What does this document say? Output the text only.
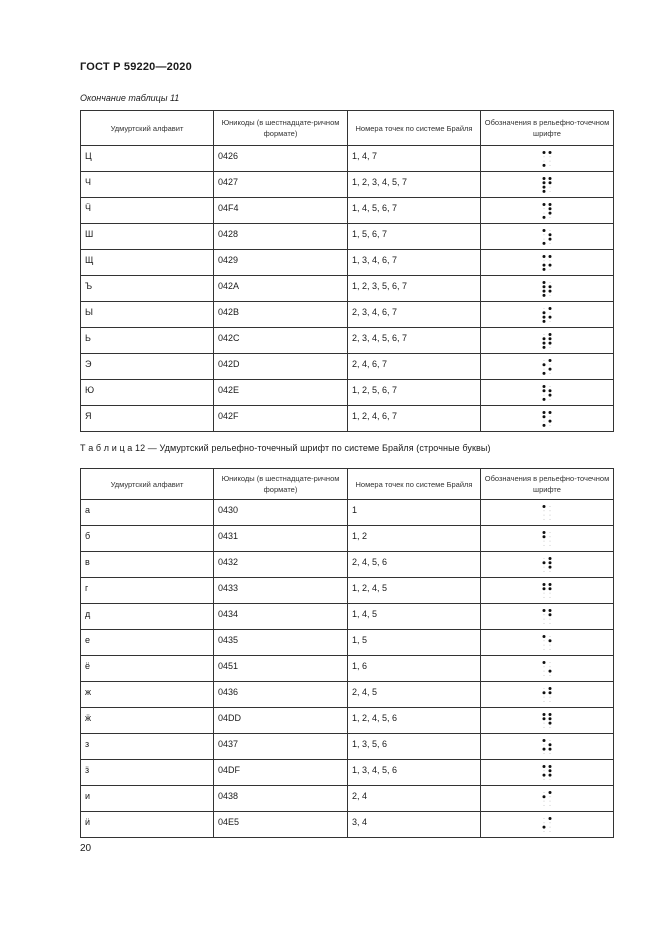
ГОСТ Р 59220—2020
Окончание таблицы 11
Удмуртский алфавит	Юникоды (в шестнадцате-ричном формате)	Номера точек по системе Брайля	Обозначения в рельефно-точечном шрифте
Ц	0426	1, 4, 7	

Ч	0427	1, 2, 3, 4, 5, 7	

Ӵ	04F4	1, 4, 5, 6, 7	

Ш	0428	1, 5, 6, 7	

Щ	0429	1, 3, 4, 6, 7	

Ъ	042A	1, 2, 3, 5, 6, 7	

Ы	042B	2, 3, 4, 6, 7	

Ь	042C	2, 3, 4, 5, 6, 7	

Э	042D	2, 4, 6, 7	

Ю	042E	1, 2, 5, 6, 7	

Я	042F	1, 2, 4, 6, 7	
Т а б л и ц а 12 — Удмуртский рельефно-точечный шрифт по системе Брайля (строчные буквы)
Удмуртский алфавит	Юникоды (в шестнадцате-ричном формате)	Номера точек по системе Брайля	Обозначения в рельефно-точечном шрифте
а	0430	1	

б	0431	1, 2	

в	0432	2, 4, 5, 6	

г	0433	1, 2, 4, 5	

д	0434	1, 4, 5	

е	0435	1, 5	

ё	0451	1, 6	

ж	0436	2, 4, 5	

ӝ	04DD	1, 2, 4, 5, 6	

з	0437	1, 3, 5, 6	

ӟ	04DF	1, 3, 4, 5, 6	

и	0438	2, 4	

ӥ	04E5	3, 4	
20
